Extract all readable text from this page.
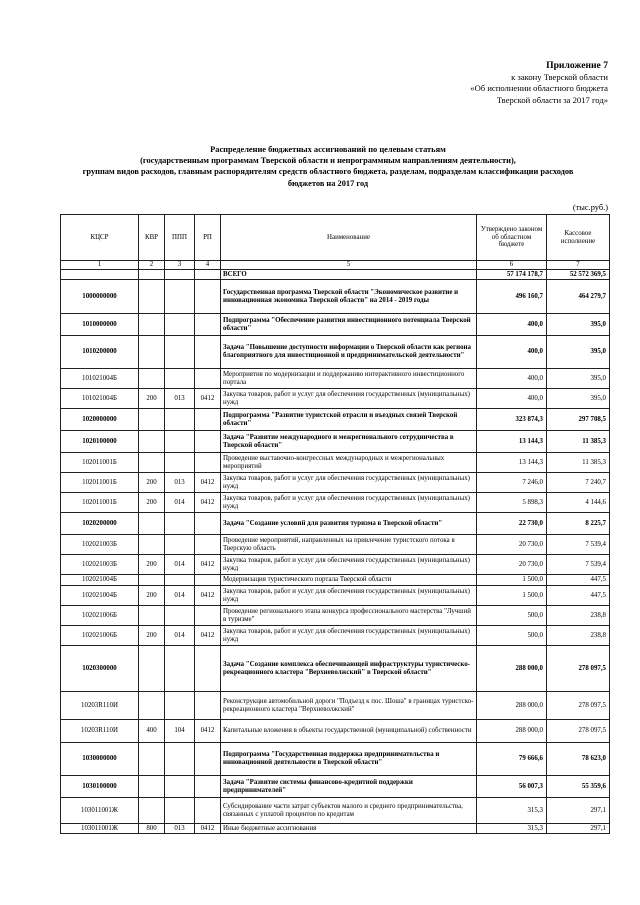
Приложение 7
к закону Тверской области
«Об исполнении областного бюджета
Тверской области за 2017 год»
Распределение бюджетных ассигнований по целевым статьям
(государственным программам Тверской области и непрограммным направлениям деятельности),
группам видов расходов, главным распорядителям средств областного бюджета, разделам, подразделам классификации расходов
бюджетов на 2017 год
(тыс.руб.)
КЦСР	КВР	ППП	РП	Наименование	Утверждено законом об областном бюджете	Кассовое исполнение
1	2	3	4	5	6	7
				ВСЕГО	57 174 178,7	52 572 369,5
1000000000				Государственная программа Тверской области "Экономическое развитие и инновационная экономика Тверской области" на 2014 - 2019 годы	496 160,7	464 279,7
1010000000				Подпрограмма "Обеспечение развития инвестиционного потенциала Тверской области"	400,0	395,0
1010200000				Задача "Повышение доступности информации о Тверской области как региона благоприятного для инвестиционной и предпринимательской деятельности"	400,0	395,0
101021004Б				Мероприятия по модернизации и поддержанию интерактивного инвестиционного портала	400,0	395,0
101021004Б	200	013	0412	Закупка товаров, работ и услуг для обеспечения государственных (муниципальных) нужд	400,0	395,0
1020000000				Подпрограмма "Развитие туристской отрасли и въездных связей Тверской области"	323 874,3	297 708,5
1020100000				Задача "Развитие международного и межрегионального сотрудничества в Тверской области"	13 144,3	11 385,3
102011001Б				Проведение выставочно-конгрессных международных и межрегиональных мероприятий	13 144,3	11 385,3
102011001Б	200	013	0412	Закупка товаров, работ и услуг для обеспечения государственных (муниципальных) нужд	7 246,0	7 240,7
102011001Б	200	014	0412	Закупка товаров, работ и услуг для обеспечения государственных (муниципальных) нужд	5 898,3	4 144,6
1020200000				Задача "Создание условий для развития туризма в Тверской области"	22 730,0	8 225,7
102021003Б				Проведение мероприятий, направленных на привлечение туристского потока в Тверскую область	20 730,0	7 539,4
102021003Б	200	014	0412	Закупка товаров, работ и услуг для обеспечения государственных (муниципальных) нужд	20 730,0	7 539,4
102021004Б				Модернизация туристического портала Тверской области	1 500,0	447,5
102021004Б	200	014	0412	Закупка товаров, работ и услуг для обеспечения государственных (муниципальных) нужд	1 500,0	447,5
102021006Б				Проведение регионального этапа конкурса профессионального мастерства "Лучший в туризме"	500,0	238,8
102021006Б	200	014	0412	Закупка товаров, работ и услуг для обеспечения государственных (муниципальных) нужд	500,0	238,8
1020300000				Задача "Создание комплекса обеспечивающей инфраструктуры туристическо-рекреационного кластера "Верхневолжский" в Тверской области"	288 000,0	278 097,5
10203R110И				Реконструкция автомобильной дороги "Подъезд к пос. Шоша" в границах туристско-рекреационного кластера "Верхневолжский"	288 000,0	278 097,5
10203R110И	400	104	0412	Капитальные вложения в объекты государственной (муниципальной) собственности	288 000,0	278 097,5
1030000000				Подпрограмма "Государственная поддержка предпринимательства и инновационной деятельности в Тверской области"	79 666,6	78 623,0
1030100000				Задача "Развитие системы финансово-кредитной поддержки предпринимателей"	56 007,3	55 359,6
103011001Ж				Субсидирование части затрат субъектов малого и среднего предпринимательства, связанных с уплатой процентов по кредитам	315,3	297,1
103011001Ж	800	013	0412	Иные бюджетные ассигнования	315,3	297,1
